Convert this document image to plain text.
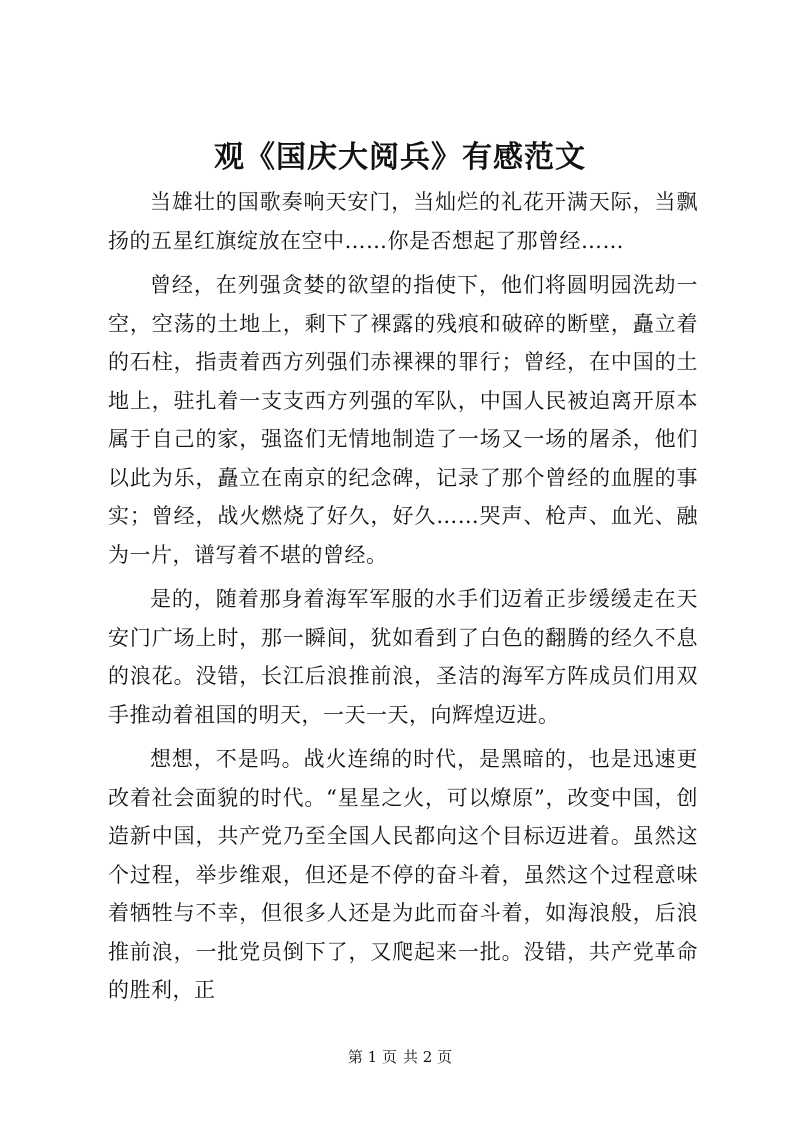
观《国庆大阅兵》有感范文

当雄壮的国歌奏响天安门，当灿烂的礼花开满天际，当飘扬的五星红旗绽放在空中……你是否想起了那曾经……

曾经，在列强贪婪的欲望的指使下，他们将圆明园洗劫一空，空荡的土地上，剩下了裸露的残痕和破碎的断壁，矗立着的石柱，指责着西方列强们赤裸裸的罪行；曾经，在中国的土地上，驻扎着一支支西方列强的军队，中国人民被迫离开原本属于自己的家，强盗们无情地制造了一场又一场的屠杀，他们以此为乐，矗立在南京的纪念碑，记录了那个曾经的血腥的事实；曾经，战火燃烧了好久，好久……哭声、枪声、血光、融为一片，谱写着不堪的曾经。

是的，随着那身着海军军服的水手们迈着正步缓缓走在天安门广场上时，那一瞬间，犹如看到了白色的翻腾的经久不息的浪花。没错，长江后浪推前浪，圣洁的海军方阵成员们用双手推动着祖国的明天，一天一天，向辉煌迈进。

想想，不是吗。战火连绵的时代，是黑暗的，也是迅速更改着社会面貌的时代。“星星之火，可以燎原”，改变中国，创造新中国，共产党乃至全国人民都向这个目标迈进着。虽然这个过程，举步维艰，但还是不停的奋斗着，虽然这个过程意味着牺牲与不幸，但很多人还是为此而奋斗着，如海浪般，后浪推前浪，一批党员倒下了，又爬起来一批。没错，共产党革命的胜利，正

第 1 页 共 2 页
